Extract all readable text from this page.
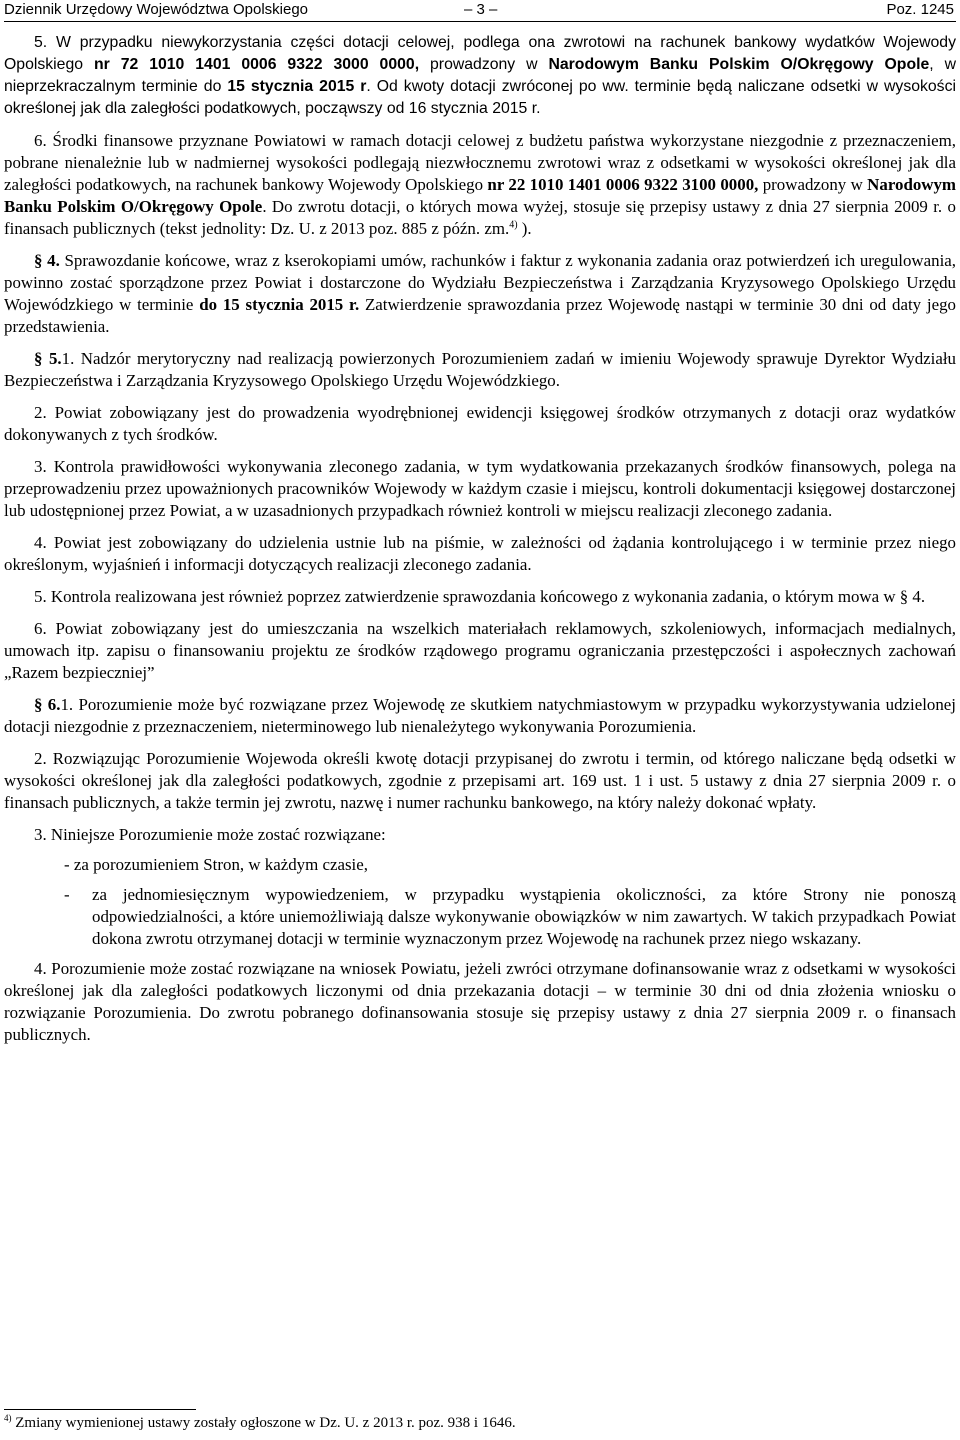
Dziennik Urzędowy Województwa Opolskiego	– 3 –	Poz. 1245

5. W przypadku niewykorzystania części dotacji celowej, podlega ona zwrotowi na rachunek bankowy wydatków Wojewody Opolskiego nr 72 1010 1401 0006 9322 3000 0000, prowadzony w Narodowym Banku Polskim O/Okręgowy Opole, w nieprzekraczalnym terminie do 15 stycznia 2015 r. Od kwoty dotacji zwróconej po ww. terminie będą naliczane odsetki w wysokości określonej jak dla zaległości podatkowych, począwszy od 16 stycznia 2015 r.

6. Środki finansowe przyznane Powiatowi w ramach dotacji celowej z budżetu państwa wykorzystane niezgodnie z przeznaczeniem, pobrane nienależnie lub w nadmiernej wysokości podlegają niezwłocznemu zwrotowi wraz z odsetkami w wysokości określonej jak dla zaległości podatkowych, na rachunek bankowy Wojewody Opolskiego nr 22 1010 1401 0006 9322 3100 0000, prowadzony w Narodowym Banku Polskim O/Okręgowy Opole. Do zwrotu dotacji, o których mowa wyżej, stosuje się przepisy ustawy z dnia 27 sierpnia 2009 r. o finansach publicznych (tekst jednolity: Dz. U. z 2013 poz. 885 z późn. zm.$^{4)}$ ).

§ 4. Sprawozdanie końcowe, wraz z kserokopiami umów, rachunków i faktur z wykonania zadania oraz potwierdzeń ich uregulowania, powinno zostać sporządzone przez Powiat i dostarczone do Wydziału Bezpieczeństwa i Zarządzania Kryzysowego Opolskiego Urzędu Wojewódzkiego w terminie do 15 stycznia 2015 r. Zatwierdzenie sprawozdania przez Wojewodę nastąpi w terminie 30 dni od daty jego przedstawienia.

§ 5.1. Nadzór merytoryczny nad realizacją powierzonych Porozumieniem zadań w imieniu Wojewody sprawuje Dyrektor Wydziału Bezpieczeństwa i Zarządzania Kryzysowego Opolskiego Urzędu Wojewódzkiego.

2. Powiat zobowiązany jest do prowadzenia wyodrębnionej ewidencji księgowej środków otrzymanych z dotacji oraz wydatków dokonywanych z tych środków.

3. Kontrola prawidłowości wykonywania zleconego zadania, w tym wydatkowania przekazanych środków finansowych, polega na przeprowadzeniu przez upoważnionych pracowników Wojewody w każdym czasie i miejscu, kontroli dokumentacji księgowej dostarczonej lub udostępnionej przez Powiat, a w uzasadnionych przypadkach również kontroli w miejscu realizacji zleconego zadania.

4. Powiat jest zobowiązany do udzielenia ustnie lub na piśmie, w zależności od żądania kontrolującego i w terminie przez niego określonym, wyjaśnień i informacji dotyczących realizacji zleconego zadania.

5. Kontrola realizowana jest również poprzez zatwierdzenie sprawozdania końcowego z wykonania zadania, o którym mowa w § 4.

6. Powiat zobowiązany jest do umieszczania na wszelkich materiałach reklamowych, szkoleniowych, informacjach medialnych, umowach itp. zapisu o finansowaniu projektu ze środków rządowego programu ograniczania przestępczości i aspołecznych zachowań „Razem bezpieczniej”

§ 6.1. Porozumienie może być rozwiązane przez Wojewodę ze skutkiem natychmiastowym w przypadku wykorzystywania udzielonej dotacji niezgodnie z przeznaczeniem, nieterminowego lub nienależytego wykonywania Porozumienia.

2. Rozwiązując Porozumienie Wojewoda określi kwotę dotacji przypisanej do zwrotu i termin, od którego naliczane będą odsetki w wysokości określonej jak dla zaległości podatkowych, zgodnie z przepisami art. 169 ust. 1 i ust. 5 ustawy z dnia 27 sierpnia 2009 r. o finansach publicznych, a także termin jej zwrotu, nazwę i numer rachunku bankowego, na który należy dokonać wpłaty.

3. Niniejsze Porozumienie może zostać rozwiązane:

- za porozumieniem Stron, w każdym czasie,
-	za jednomiesięcznym wypowiedzeniem, w przypadku wystąpienia okoliczności, za które Strony nie ponoszą odpowiedzialności, a które uniemożliwiają dalsze wykonywanie obowiązków w nim zawartych. W takich przypadkach Powiat dokona zwrotu otrzymanej dotacji w terminie wyznaczonym przez Wojewodę na rachunek przez niego wskazany.

4. Porozumienie może zostać rozwiązane na wniosek Powiatu, jeżeli zwróci otrzymane dofinansowanie wraz z odsetkami w wysokości określonej jak dla zaległości podatkowych liczonymi od dnia przekazania dotacji – w terminie 30 dni od dnia złożenia wniosku o rozwiązanie Porozumienia. Do zwrotu pobranego dofinansowania stosuje się przepisy ustawy z dnia 27 sierpnia 2009 r. o finansach publicznych.

$^{4)}$ Zmiany wymienionej ustawy zostały ogłoszone w Dz. U. z 2013 r. poz. 938 i 1646.
